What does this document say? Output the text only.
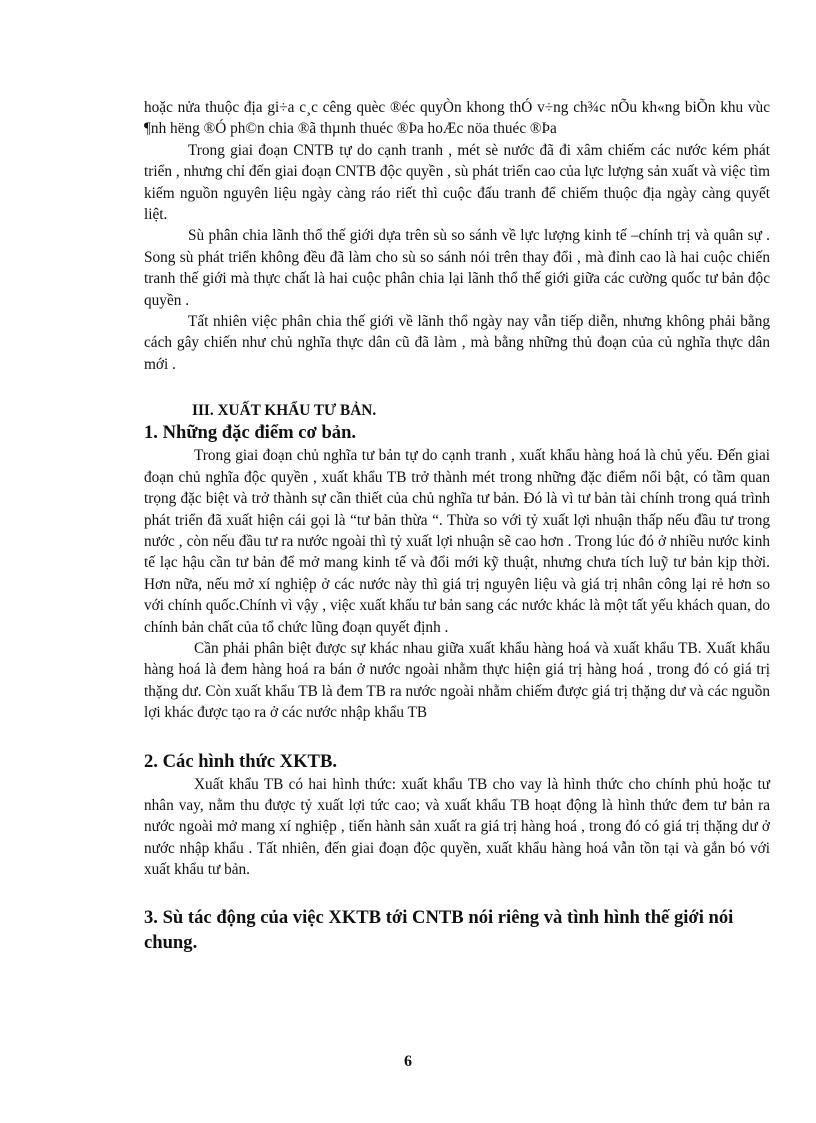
hoặc nửa thuộc địa gi÷a c¸c cêng quèc ®éc quyÒn khong thÓ v÷ng ch¾c nÕu kh«ng biÕn khu vùc ¶nh hëng ®Ó ph©n chia ®ã thµnh thuéc ®Þa hoÆc nöa thuéc ®Þa

Trong giai đoạn CNTB tự do cạnh tranh , mét sè nước đã đi xâm chiếm các nước kém phát triển , nhưng chỉ đến giai đoạn CNTB độc quyền , sù phát triển cao của lực lượng sản xuất và việc tìm kiếm nguồn nguyên liệu ngày càng ráo riết thì cuộc đấu tranh để chiếm thuộc địa ngày càng quyết liệt.

Sù phân chia lãnh thổ thế giới dựa trên sù so sánh về lực lượng kinh tế –chính trị và quân sự . Song sù phát triển không đều đã làm cho sù so sánh nói trên thay đổi , mà đỉnh cao là hai cuộc chiến tranh thế giới mà thực chất là hai cuộc phân chia lại lãnh thổ thế giới giữa các cường quốc tư bản độc quyền .

Tất nhiên việc phân chia thế giới về lãnh thổ ngày nay vẫn tiếp diễn, nhưng không phải bằng cách gây chiến như chủ nghĩa thực dân cũ đã làm , mà bằng những thủ đoạn của củ nghĩa thực dân mới .

III. XUẤT KHẨU TƯ BẢN.
1. Những đặc điểm cơ bản.

Trong giai đoạn chủ nghĩa tư bản tự do cạnh tranh , xuất khẩu hàng hoá là chủ yếu. Đến giai đoạn chủ nghĩa độc quyền , xuất khẩu TB trở thành mét trong những đặc điểm nổi bật, có tầm quan trọng đặc biệt và trở thành sự cần thiết của chủ nghĩa tư bản. Đó là vì tư bản tài chính trong quá trình phát triển đã xuất hiện cái gọi là “tư bản thừa “. Thừa so với tỷ xuất lợi nhuận thấp nếu đầu tư trong nước , còn nếu đầu tư ra nước ngoài thì tỷ xuất lợi nhuận sẽ cao hơn . Trong lúc đó ở nhiều nước kinh tế lạc hậu cần tư bản để mở mang kinh tế và đổi mới kỹ thuật, nhưng chưa tích luỹ tư bản kịp thời. Hơn nữa, nếu mở xí nghiệp ở các nước này thì giá trị nguyên liệu và giá trị nhân công lại rẻ hơn so với chính quốc.Chính vì vậy , việc xuất khẩu tư bản sang các nước khác là một tất yếu khách quan, do chính bản chất của tổ chức lũng đoạn quyết định .

Cần phải phân biệt được sự khác nhau giữa xuất khẩu hàng hoá và xuất khẩu TB. Xuất khẩu hàng hoá là đem hàng hoá ra bán ở nước ngoài nhằm thực hiện giá trị hàng hoá , trong đó có giá trị thặng dư. Còn xuất khẩu TB là đem TB ra nước ngoài nhằm chiếm được giá trị thặng dư và các nguồn lợi khác được tạo ra ở các nước nhập khẩu TB

2. Các hình thức XKTB.

Xuất khẩu TB có hai hình thức: xuất khẩu TB cho vay là hình thức cho chính phủ hoặc tư nhân vay, nằm thu được tỷ xuất lợi tức cao; và xuất khẩu TB hoạt động là hình thức đem tư bản ra nước ngoài mở mang xí nghiệp , tiến hành sản xuất ra giá trị hàng hoá , trong đó có giá trị thặng dư ở nước nhập khẩu . Tất nhiên, đến giai đoạn độc quyền, xuất khẩu hàng hoá vẫn tồn tại và gắn bó với xuất khẩu tư bản.

3. Sù tác động của việc XKTB tới CNTB nói riêng và tình hình thế giới nói chung.
6
